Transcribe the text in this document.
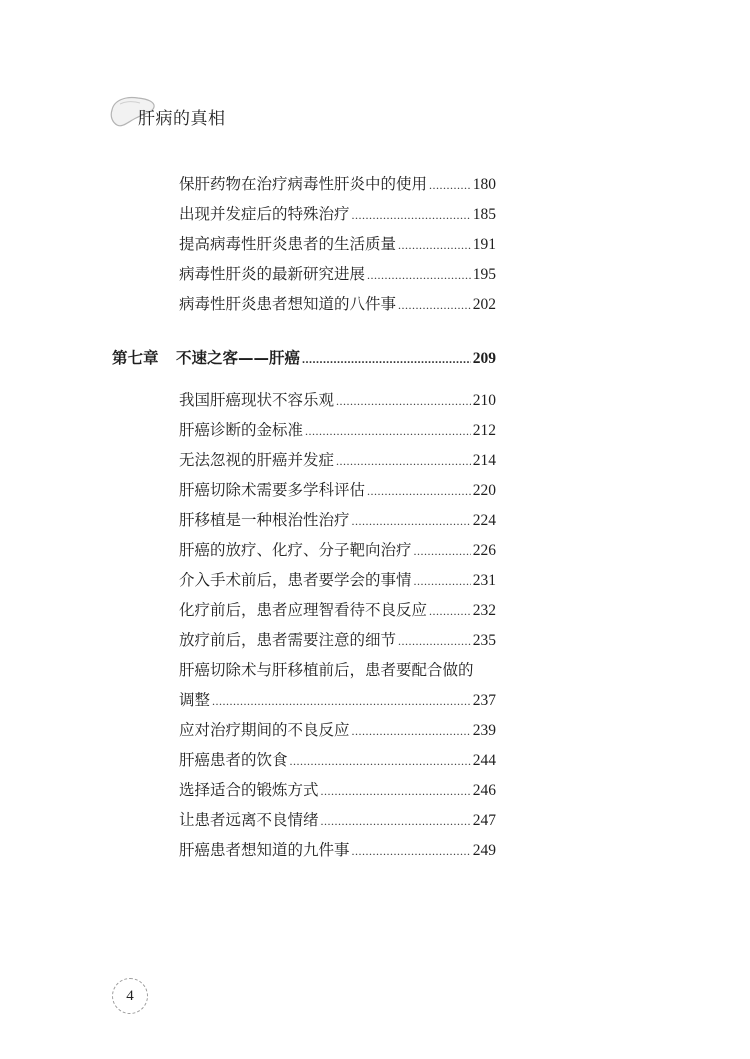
肝病的真相
保肝药物在治疗病毒性肝炎中的使用 .....	180
出现并发症后的特殊治疗 .....	185
提高病毒性肝炎患者的生活质量 .....	191
病毒性肝炎的最新研究进展 .....	195
病毒性肝炎患者想知道的八件事 .....	202
第七章 不速之客——肝癌 .....	209
我国肝癌现状不容乐观 .....	210
肝癌诊断的金标准 .....	212
无法忽视的肝癌并发症 .....	214
肝癌切除术需要多学科评估 .....	220
肝移植是一种根治性治疗 .....	224
肝癌的放疗、化疗、分子靶向治疗 .....	226
介入手术前后，患者要学会的事情 .....	231
化疗前后，患者应理智看待不良反应 .....	232
放疗前后，患者需要注意的细节 .....	235
肝癌切除术与肝移植前后，患者要配合做的
调整 .....	237
应对治疗期间的不良反应 .....	239
肝癌患者的饮食 .....	244
选择适合的锻炼方式 .....	246
让患者远离不良情绪 .....	247
肝癌患者想知道的九件事 .....	249
4
